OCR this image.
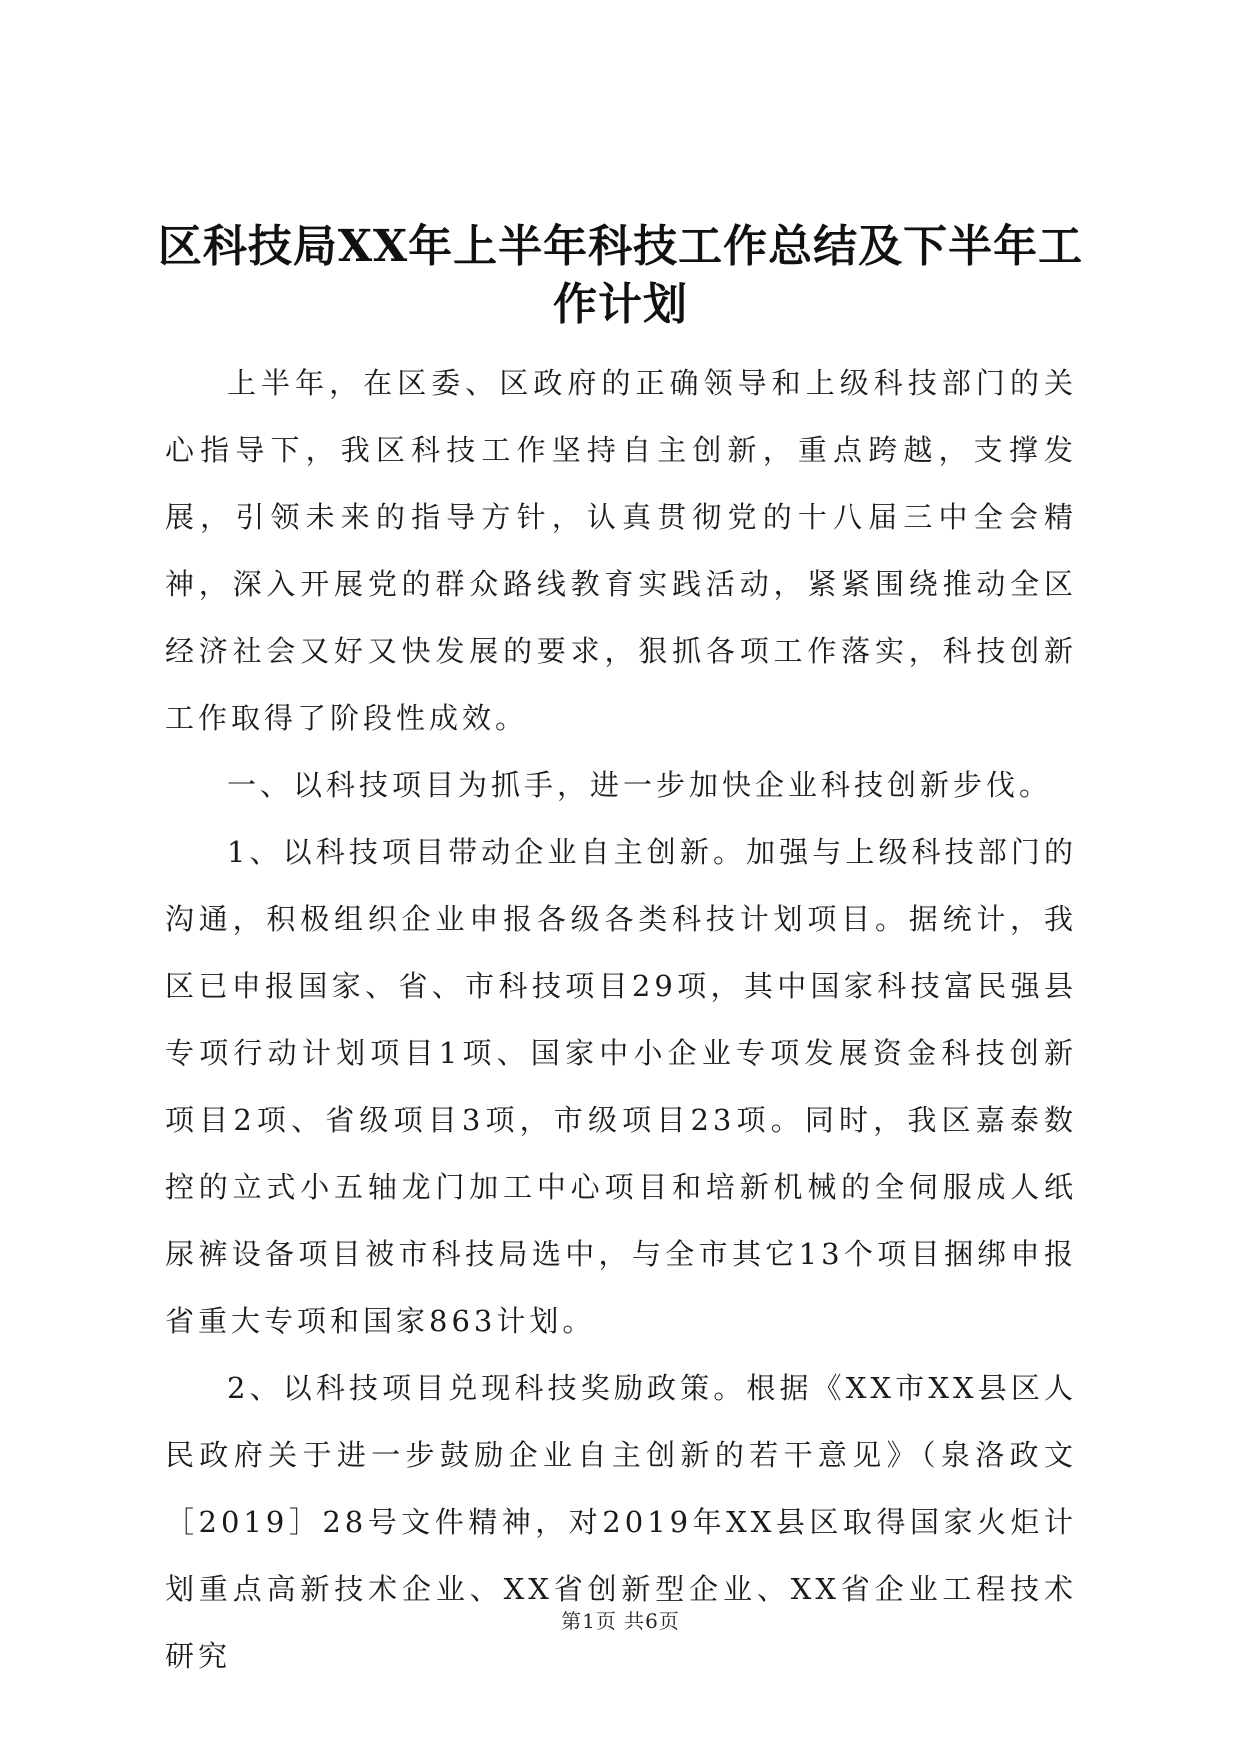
区科技局XX年上半年科技工作总结及下半年工作计划

上半年，在区委、区政府的正确领导和上级科技部门的关心指导下，我区科技工作坚持自主创新，重点跨越，支撑发展，引领未来的指导方针，认真贯彻党的十八届三中全会精神，深入开展党的群众路线教育实践活动，紧紧围绕推动全区经济社会又好又快发展的要求，狠抓各项工作落实，科技创新工作取得了阶段性成效。

一、以科技项目为抓手，进一步加快企业科技创新步伐。

1、以科技项目带动企业自主创新。加强与上级科技部门的沟通，积极组织企业申报各级各类科技计划项目。据统计，我区已申报国家、省、市科技项目29项，其中国家科技富民强县专项行动计划项目1项、国家中小企业专项发展资金科技创新项目2项、省级项目3项，市级项目23项。同时，我区嘉泰数控的立式小五轴龙门加工中心项目和培新机械的全伺服成人纸尿裤设备项目被市科技局选中，与全市其它13个项目捆绑申报省重大专项和国家863计划。

2、以科技项目兑现科技奖励政策。根据《XX市XX县区人民政府关于进一步鼓励企业自主创新的若干意见》（泉洛政文［2019］28号文件精神，对2019年XX县区取得国家火炬计划重点高新技术企业、XX省创新型企业、XX省企业工程技术研究

第1页 共6页
